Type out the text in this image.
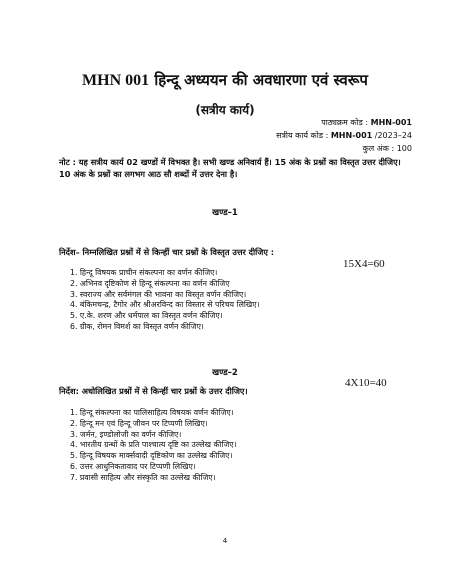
MHN 001 हिन्दू अध्ययन की अवधारणा एवं स्वरूप
(सत्रीय कार्य)
पाठ्यक्रम कोड : MHN-001
सत्रीय कार्य कोड : MHN-001 /2023–24
कुल अंक : 100
नोट : यह सत्रीय कार्य 02 खण्डों में विभक्त है। सभी खण्ड अनिवार्य हैं। 15 अंक के प्रश्नों का विस्तृत उत्तर दीजिए। 10 अंक के प्रश्नों का लगभग आठ सौ शब्दों में उत्तर देना है।
खण्ड–1
निर्देश– निम्नलिखित प्रश्नों में से किन्हीं चार प्रश्नों के विस्तृत उत्तर दीजिए :
15X4=60
1. हिन्दू विषयक प्राचीन संकल्पना का वर्णन कीजिए।
2. अभिनव दृष्टिकोण से हिन्दू संकल्पना का वर्णन कीजिए
3. स्वराज्य और सर्वमंगल की भावना का विस्तृत वर्णन कीजिए।
4. बंकिमचन्द्र, टैगोर और श्रीअरविन्द का विस्तार से परिचय लिखिए।
5. ए.के. शरण और धर्मपाल का विस्तृत वर्णन कीजिए।
6. ग्रीक, रोमन विमर्श का विस्तृत वर्णन कीजिए।
खण्ड–2
4X10=40
निर्देश: अधोलिखित प्रश्नों में से किन्हीं चार प्रश्नों के उत्तर दीजिए।
1. हिन्दू संकल्पना का पालिसाहित्य विषयक वर्णन कीजिए।
2. हिन्दू मन एवं हिन्दू जीवन पर टिप्पणी लिखिए।
3. जर्मन, इण्डोलोजी का वर्णन कीजिए।
4. भारतीय ग्रन्थों के प्रति पाश्चात्य दृष्टि का उल्लेख कीजिए।
5. हिन्दू विषयक मार्क्सवादी दृष्टिकोण का उल्लेख कीजिए।
6. उत्तर आधुनिकतावाद पर टिप्पणी लिखिए।
7. प्रवासी साहित्य और संस्कृति का उल्लेख कीजिए।
4
